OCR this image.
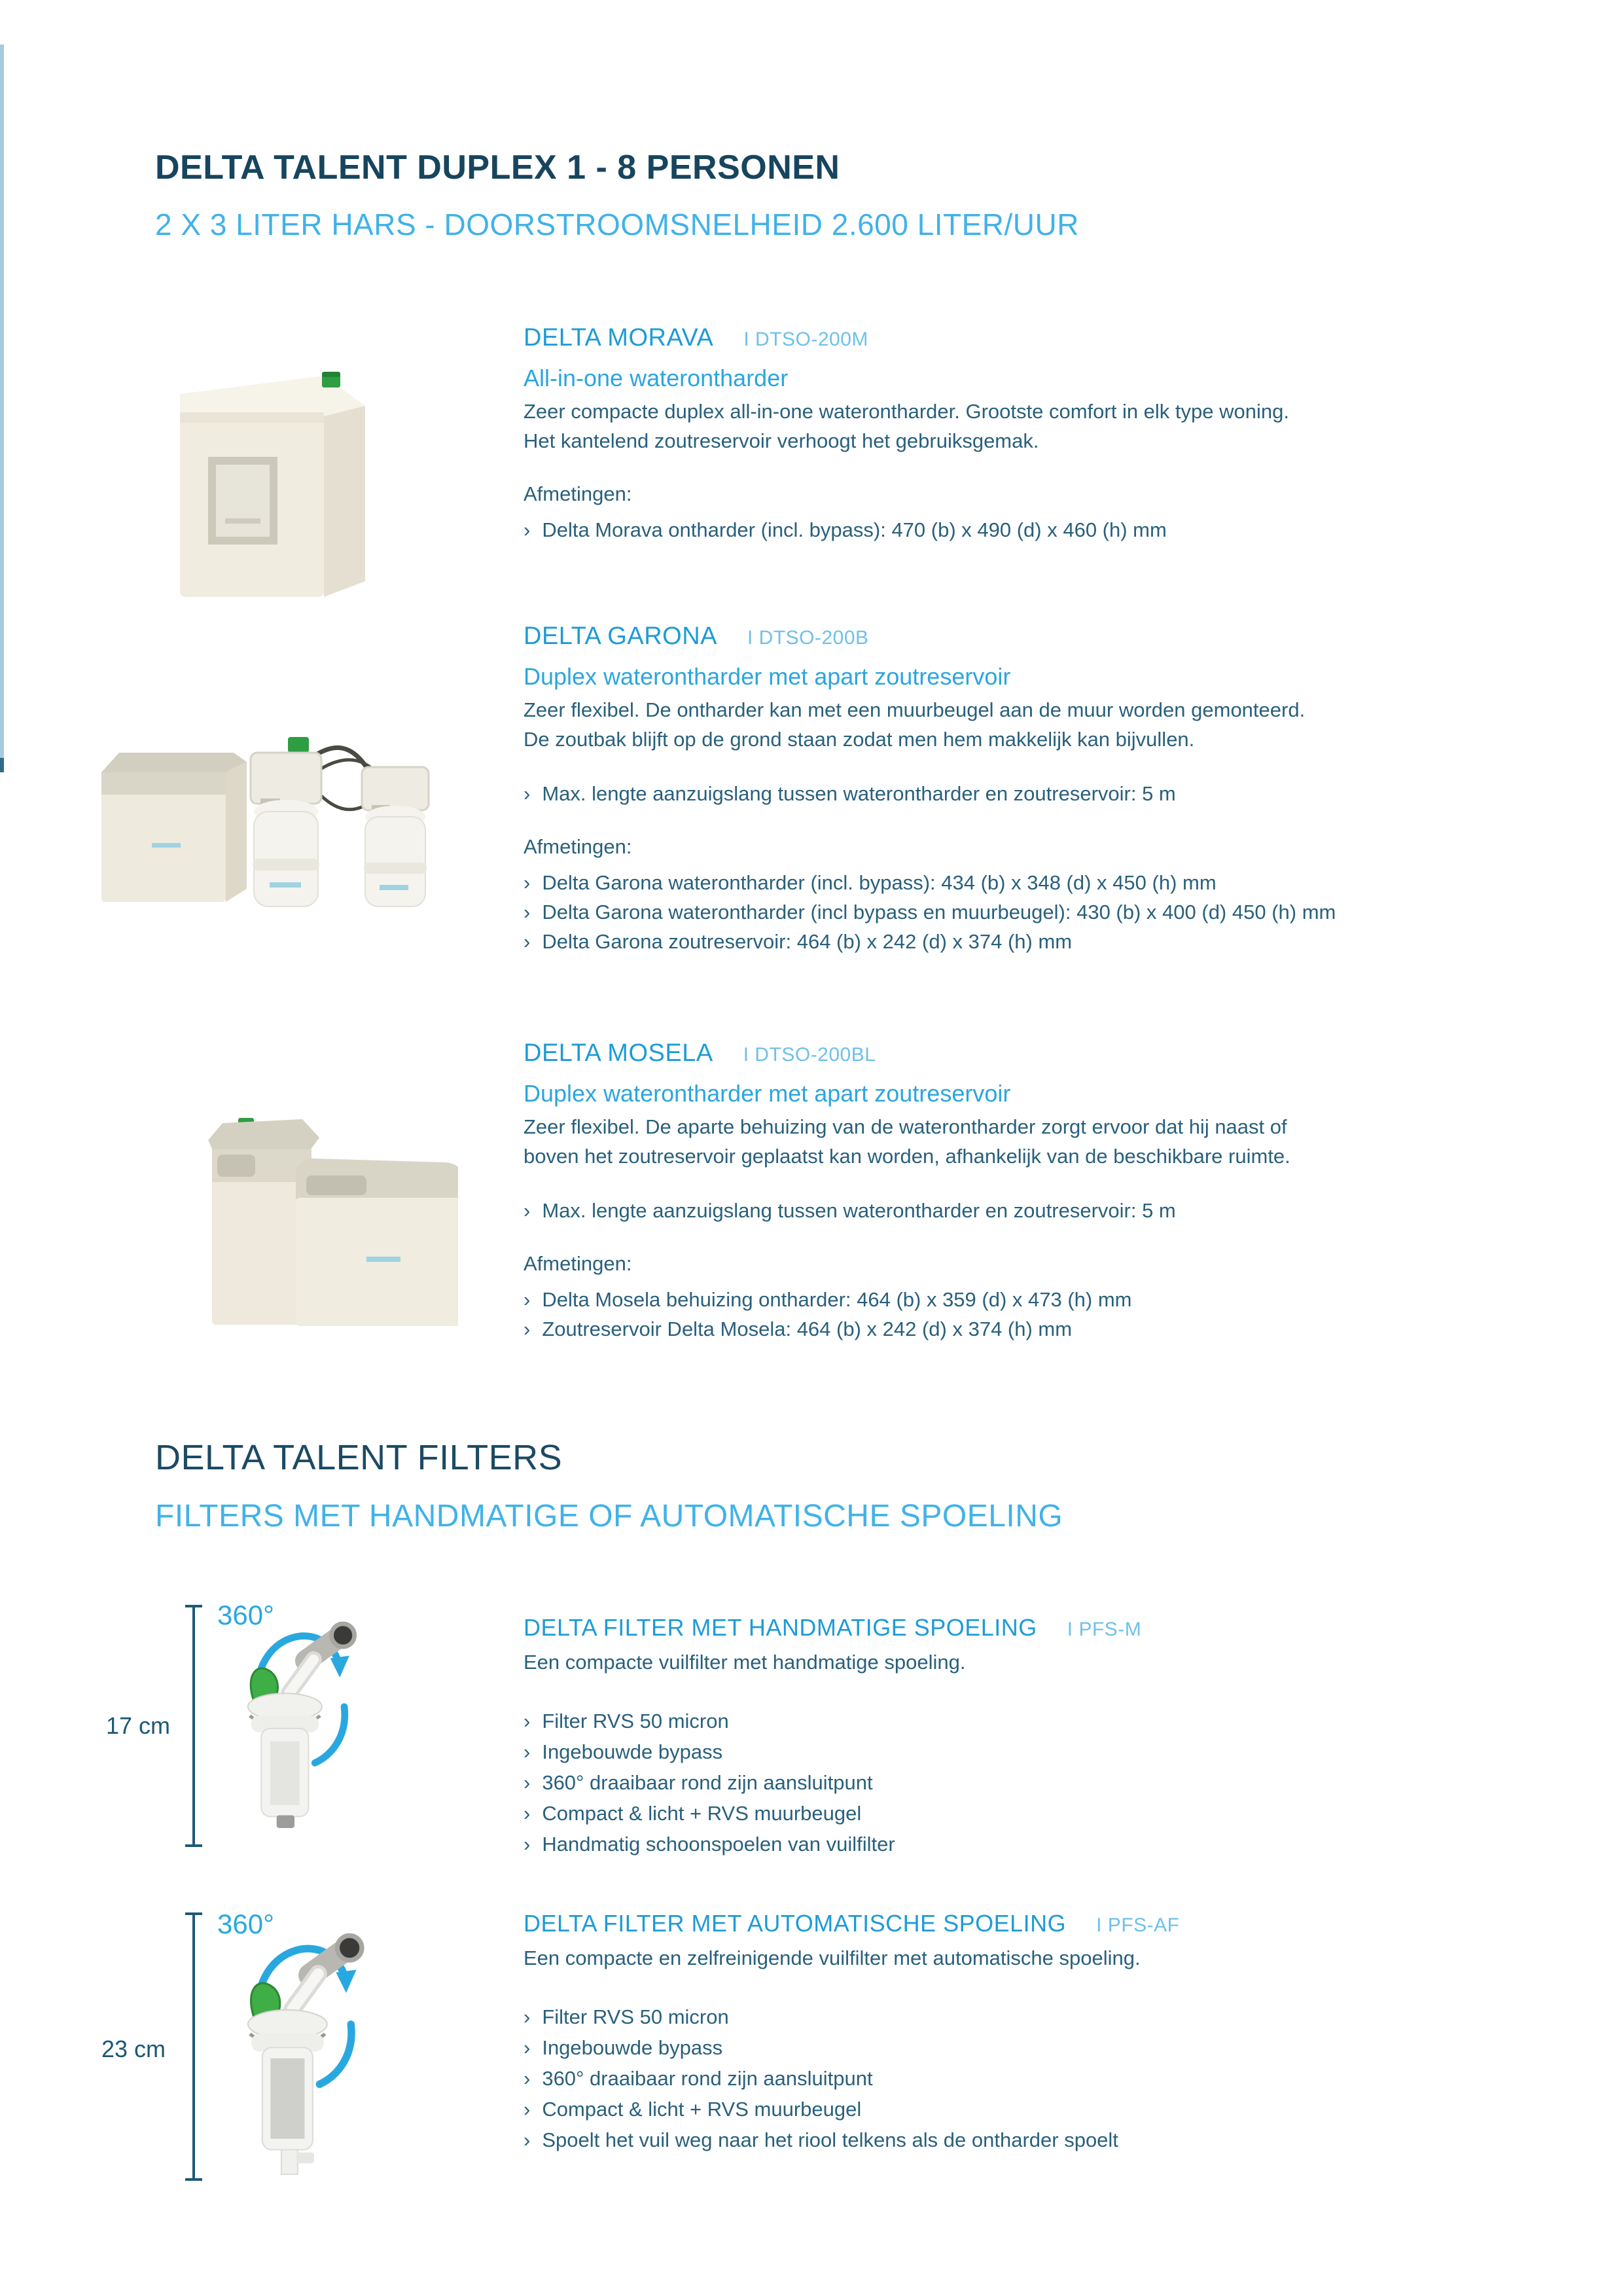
DELTA TALENT DUPLEX 1 - 8 PERSONEN
2 X 3 LITER HARS - DOORSTROOMSNELHEID 2.600 LITER/UUR
DELTA MORAVA I DTSO-200M
All-in-one waterontharder

Zeer compacte duplex all-in-one waterontharder. Grootste comfort in elk type woning.
Het kantelend zoutreservoir verhoogt het gebruiksgemak.

Afmetingen:
› Delta Morava ontharder (incl. bypass): 470 (b) x 490 (d) x 460 (h) mm
DELTA GARONA I DTSO-200B
Duplex waterontharder met apart zoutreservoir

Zeer flexibel. De ontharder kan met een muurbeugel aan de muur worden gemonteerd.
De zoutbak blijft op de grond staan zodat men hem makkelijk kan bijvullen.

› Max. lengte aanzuigslang tussen waterontharder en zoutreservoir: 5 m
Afmetingen:
› Delta Garona waterontharder (incl. bypass): 434 (b) x 348 (d) x 450 (h) mm
› Delta Garona waterontharder (incl bypass en muurbeugel): 430 (b) x 400 (d) 450 (h) mm
› Delta Garona zoutreservoir: 464 (b) x 242 (d) x 374 (h) mm
DELTA MOSELA I DTSO-200BL
Duplex waterontharder met apart zoutreservoir

Zeer flexibel. De aparte behuizing van de waterontharder zorgt ervoor dat hij naast of
boven het zoutreservoir geplaatst kan worden, afhankelijk van de beschikbare ruimte.

› Max. lengte aanzuigslang tussen waterontharder en zoutreservoir: 5 m
Afmetingen:
› Delta Mosela behuizing ontharder: 464 (b) x 359 (d) x 473 (h) mm
› Zoutreservoir Delta Mosela: 464 (b) x 242 (d) x 374 (h) mm
DELTA TALENT FILTERS
FILTERS MET HANDMATIGE OF AUTOMATISCHE SPOELING
17 cm
360°	DELTA FILTER MET HANDMATIGE SPOELING I PFS-M

Een compacte vuilfilter met handmatige spoeling.

› Filter RVS 50 micron
› Ingebouwde bypass
› 360° draaibaar rond zijn aansluitpunt
› Compact & licht + RVS muurbeugel
› Handmatig schoonspoelen van vuilfilter
23 cm
360°	DELTA FILTER MET AUTOMATISCHE SPOELING I PFS-AF

Een compacte en zelfreinigende vuilfilter met automatische spoeling.

› Filter RVS 50 micron
› Ingebouwde bypass
› 360° draaibaar rond zijn aansluitpunt
› Compact & licht + RVS muurbeugel
› Spoelt het vuil weg naar het riool telkens als de ontharder spoelt
